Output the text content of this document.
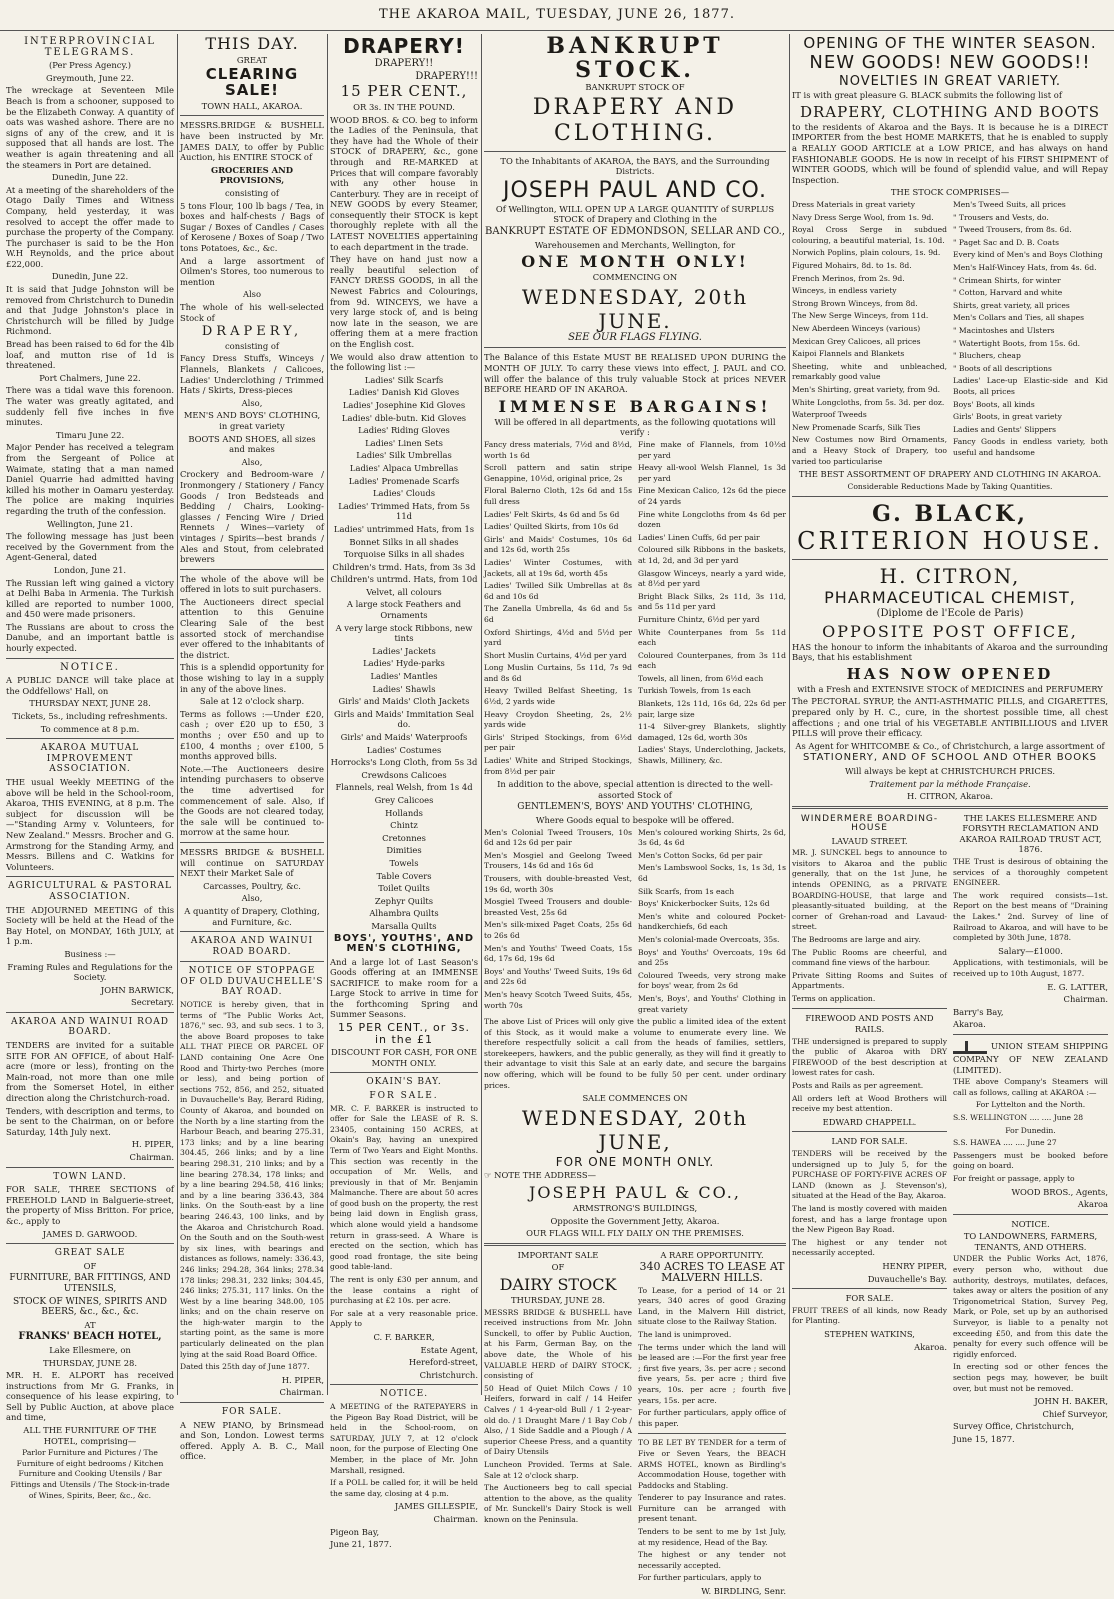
THE AKAROA MAIL, TUESDAY, JUNE 26, 1877.
INTERPROVINCIAL TELEGRAMS.

(Per Press Agency.)

Greymouth, June 22.

The wreckage at Seventeen Mile Beach is from a schooner, supposed to be the Elizabeth Conway. A quantity of oats was washed ashore. There are no signs of any of the crew, and it is supposed that all hands are lost. The weather is again threatening and all the steamers in Port are detained.

Dunedin, June 22.

At a meeting of the shareholders of the Otago Daily Times and Witness Company, held yesterday, it was resolved to accept the offer made to purchase the property of the Company. The purchaser is said to be the Hon W.H Reynolds, and the price about £22,000.

Dunedin, June 22.

It is said that Judge Johnston will be removed from Christchurch to Dunedin and that Judge Johnston's place in Christchurch will be filled by Judge Richmond.

Bread has been raised to 6d for the 4lb loaf, and mutton rise of 1d is threatened.

Port Chalmers, June 22.

There was a tidal wave this forenoon. The water was greatly agitated, and suddenly fell five inches in five minutes.

Timaru June 22.

Major Pender has received a telegram from the Sergeant of Police at Waimate, stating that a man named Daniel Quarrie had admitted having killed his mother in Oamaru yesterday. The police are making inquiries regarding the truth of the confession.

Wellington, June 21.

The following message has just been received by the Government from the Agent-General, dated

London, June 21.

The Russian left wing gained a victory at Delhi Baba in Armenia. The Turkish killed are reported to number 1000, and 450 were made prisoners.

The Russians are about to cross the Danube, and an important battle is hourly expected.

NOTICE.

A PUBLIC DANCE will take place at the Oddfellows' Hall, on

THURSDAY NEXT, JUNE 28.

Tickets, 5s., including refreshments.

To commence at 8 p.m.

AKAROA MUTUAL IMPROVEMENT ASSOCIATION.

THE usual Weekly MEETING of the above will be held in the School-room, Akaroa, THIS EVENING, at 8 p.m. The subject for discussion will be—"Standing Army v. Volunteers, for New Zealand." Messrs. Brocher and G. Armstrong for the Standing Army, and Messrs. Billens and C. Watkins for Volunteers.

AGRICULTURAL & PASTORAL ASSOCIATION.

THE ADJOURNED MEETING of this Society will be held at the Head of the Bay Hotel, on MONDAY, 16th JULY, at 1 p.m.

Business :—

Framing Rules and Regulations for the Society.

JOHN BARWICK,

Secretary.

AKAROA AND WAINUI ROAD BOARD.

TENDERS are invited for a suitable SITE FOR AN OFFICE, of about Half-acre (more or less), fronting on the Main-road, not more than one mile from the Somerset Hotel, in either direction along the Christchurch-road.

Tenders, with description and terms, to be sent to the Chairman, on or before Saturday, 14th July next.

H. PIPER,

Chairman.

TOWN LAND.

FOR SALE, THREE SECTIONS of FREEHOLD LAND in Balguerie-street, the property of Miss Britton. For price, &c., apply to

JAMES D. GARWOOD.

GREAT SALE

OF

FURNITURE, BAR FITTINGS, AND UTENSILS,

STOCK OF WINES, SPIRITS AND BEERS, &c., &c., &c.

AT

FRANKS' BEACH HOTEL,

Lake Ellesmere, on

THURSDAY, JUNE 28.

MR. H. E. ALPORT has received instructions from Mr G. Franks, in consequence of his lease expiring, to Sell by Public Auction, at above place and time,

ALL THE FURNITURE OF THE HOTEL, comprising—

Parlor Furniture and Pictures / The Furniture of eight bedrooms / Kitchen Furniture and Cooking Utensils / Bar Fittings and Utensils / The Stock-in-trade of Wines, Spirits, Beer, &c., &c.

THIS DAY.

GREAT

CLEARING SALE!

TOWN HALL, AKAROA.

MESSRS.BRIDGE & BUSHELL have been instructed by Mr. JAMES DALY, to offer by Public Auction, his ENTIRE STOCK of

GROCERIES AND PROVISIONS,

consisting of

5 tons Flour, 100 lb bags / Tea, in boxes and half-chests / Bags of Sugar / Boxes of Candles / Cases of Kerosene / Boxes of Soap / Two tons Potatoes, &c., &c.

And a large assortment of Oilmen's Stores, too numerous to mention

Also

The whole of his well-selected Stock of

DRAPERY,

consisting of

Fancy Dress Stuffs, Winceys / Flannels, Blankets / Calicoes, Ladies' Underclothing / Trimmed Hats / Skirts, Dress-pieces

Also,

MEN'S AND BOYS' CLOTHING, in great variety

BOOTS AND SHOES, all sizes and makes

Also,

Crockery and Bedroom-ware / Ironmongery / Stationery / Fancy Goods / Iron Bedsteads and Bedding / Chairs, Looking-glasses / Fencing Wire / Dried Rennets / Wines—variety of vintages / Spirits—best brands / Ales and Stout, from celebrated brewers

The whole of the above will be offered in lots to suit purchasers.

The Auctioneers direct special attention to this Genuine Clearing Sale of the best assorted stock of merchandise ever offered to the inhabitants of the district.

This is a splendid opportunity for those wishing to lay in a supply in any of the above lines.

Sale at 12 o'clock sharp.

Terms as follows :—Under £20, cash ; over £20 up to £50, 3 months ; over £50 and up to £100, 4 months ; over £100, 5 months approved bills.

Note.—The Auctioneers desire intending purchasers to observe the time advertised for commencement of sale. Also, if the Goods are not cleared today, the sale will be continued to-morrow at the same hour.

MESSRS BRIDGE & BUSHELL will continue on SATURDAY NEXT their Market Sale of

Carcasses, Poultry, &c.

Also,

A quantity of Drapery, Clothing, and Furniture, &c.

AKAROA AND WAINUI ROAD BOARD.
NOTICE OF STOPPAGE OF OLD DUVAUCHELLE'S BAY ROAD.

NOTICE is hereby given, that in terms of "The Public Works Act, 1876," sec. 93, and sub secs. 1 to 3, the above Board proposes to take ALL THAT PIECE OR PARCEL OF LAND containing One Acre One Rood and Thirty-two Perches (more or less), and being portion of sections 752, 856, and 252, situated in Duvauchelle's Bay, Berard Riding, County of Akaroa, and bounded on the North by a line starting from the Harbour Beach, and bearing 275.31, 173 links; and by a line bearing 304.45, 266 links; and by a line bearing 298.31, 210 links; and by a line bearing 278.34, 178 links; and by a line bearing 294.58, 416 links; and by a line bearing 336.43, 384 links. On the South-east by a line bearing 246.43, 100 links, and by the Akaroa and Christchurch Road. On the South and on the South-west by six lines, with bearings and distances as follows, namely: 336.43, 246 links; 294.28, 364 links; 278.34 178 links; 298.31, 232 links; 304.45, 246 links; 275.31, 117 links. On the West by a line bearing 348.00, 105 links; and on the chain reserve on the high-water margin to the starting point, as the same is more particularly delineated on the plan lying at the said Road Board Office.

Dated this 25th day of June 1877.

H. PIPER,

Chairman.

FOR SALE.

A NEW PIANO, by Brinsmead and Son, London. Lowest terms offered. Apply A. B. C., Mail office.

DRAPERY!

DRAPERY!!

DRAPERY!!!

15 PER CENT.,

OR 3s. IN THE POUND.

WOOD BROS. & CO. beg to inform the Ladies of the Peninsula, that they have had the Whole of their STOCK of DRAPERY, &c., gone through and RE-MARKED at Prices that will compare favorably with any other house in Canterbury. They are in receipt of NEW GOODS by every Steamer, consequently their STOCK is kept thoroughly replete with all the LATEST NOVELTIES appertaining to each department in the trade.

They have on hand just now a really beautiful selection of FANCY DRESS GOODS, in all the Newest Fabrics and Colourings, from 9d. WINCEYS, we have a very large stock of, and is being now late in the season, we are offering them at a mere fraction on the English cost.

We would also draw attention to the following list :—

Ladies' Silk Scarfs

Ladies' Danish Kid Gloves

Ladies' Josephine Kid Gloves

Ladies' dble-butn. Kid Gloves

Ladies' Riding Gloves

Ladies' Linen Sets

Ladies' Silk Umbrellas

Ladies' Alpaca Umbrellas

Ladies' Promenade Scarfs

Ladies' Clouds

Ladies' Trimmed Hats, from 5s 11d

Ladies' untrimmed Hats, from 1s

Bonnet Silks in all shades

Torquoise Silks in all shades

Children's trmd. Hats, from 3s 3d

Children's untrmd. Hats, from 10d

Velvet, all colours

A large stock Feathers and Ornaments

A very large stock Ribbons, new tints

Ladies' Jackets

Ladies' Hyde-parks

Ladies' Mantles

Ladies' Shawls

Girls' and Maids' Cloth Jackets

Girls and Maids' Immitation Seal do.

Girls' and Maids' Waterproofs

Ladies' Costumes

Horrocks's Long Cloth, from 5s 3d

Crewdsons Calicoes

Flannels, real Welsh, from 1s 4d

Grey Calicoes

Hollands

Chintz

Cretonnes

Dimities

Towels

Table Covers

Toilet Quilts

Zephyr Quilts

Alhambra Quilts

Marsalla Quilts

BOYS', YOUTHS', AND MEN'S CLOTHING,

And a large lot of Last Season's Goods offering at an IMMENSE SACRIFICE to make room for a Large Stock to arrive in time for the forthcoming Spring and Summer Seasons.

15 PER CENT., or 3s. in the £1

DISCOUNT FOR CASH, FOR ONE MONTH ONLY.

OKAIN'S BAY.
FOR SALE.

MR. C. F. BARKER is instructed to offer for Sale the LEASE of R. S. 23405, containing 150 ACRES, at Okain's Bay, having an unexpired Term of Two Years and Eight Months. This section was recently in the occupation of Mr. Wells, and previously in that of Mr. Benjamin Malmanche. There are about 50 acres of good bush on the property, the rest being laid down in English grass, which alone would yield a handsome return in grass-seed. A Whare is erected on the section, which has good road frontage, the site being good table-land.

The rent is only £30 per annum, and the lease contains a right of purchasing at £2 10s. per acre.

For sale at a very reasonable price. Apply to

C. F. BARKER,

Estate Agent,

Hereford-street,

Christchurch.

NOTICE.

A MEETING of the RATEPAYERS in the Pigeon Bay Road District, will be held in the School-room, on SATURDAY, JULY 7, at 12 o'clock noon, for the purpose of Electing One Member, in the place of Mr. John Marshall, resigned.

If a POLL be called for, it will be held the same day, closing at 4 p.m.

JAMES GILLESPIE,

Chairman.

Pigeon Bay,

June 21, 1877.

BANKRUPT STOCK.

BANKRUPT STOCK OF

DRAPERY AND CLOTHING.

TO the Inhabitants of AKAROA, the BAYS, and the Surrounding Districts.

JOSEPH PAUL AND CO.

Of Wellington, WILL OPEN UP A LARGE QUANTITY of SURPLUS STOCK of Drapery and Clothing in the

BANKRUPT ESTATE OF EDMONDSON, SELLAR AND CO.,

Warehousemen and Merchants, Wellington, for

ONE MONTH ONLY!

COMMENCING ON

WEDNESDAY, 20th JUNE.

SEE OUR FLAGS FLYING.

The Balance of this Estate MUST BE REALISED UPON DURING the MONTH OF JULY. To carry these views into effect, J. PAUL and CO. will offer the balance of this truly valuable Stock at prices NEVER BEFORE HEARD OF IN AKAROA.

IMMENSE BARGAINS!

Will be offered in all departments, as the following quotations will verify :

Fancy dress materials, 7½d and 8½d, worth 1s 6d

Scroll pattern and satin stripe Genappine, 10½d, original price, 2s

Floral Balerno Cloth, 12s 6d and 15s full dress

Ladies' Felt Skirts, 4s 6d and 5s 6d

Ladies' Quilted Skirts, from 10s 6d

Girls' and Maids' Costumes, 10s 6d and 12s 6d, worth 25s

Ladies' Winter Costumes, with Jackets, all at 19s 6d, worth 45s

Ladies' Twilled Silk Umbrellas at 8s 6d and 10s 6d

The Zanella Umbrella, 4s 6d and 5s 6d

Oxford Shirtings, 4½d and 5½d per yard

Short Muslin Curtains, 4½d per yard

Long Muslin Curtains, 5s 11d, 7s 9d and 8s 6d

Heavy Twilled Belfast Sheeting, 1s 6½d, 2 yards wide

Heavy Croydon Sheeting, 2s, 2½ yards wide

Girls' Striped Stockings, from 6½d per pair

Ladies' White and Striped Stockings, from 8½d per pair

Fine make of Flannels, from 10½d per yard

Heavy all-wool Welsh Flannel, 1s 3d per yard

Fine Mexican Calico, 12s 6d the piece of 24 yards

Fine white Longcloths from 4s 6d per dozen

Ladies' Linen Cuffs, 6d per pair

Coloured silk Ribbons in the baskets, at 1d, 2d, and 3d per yard

Glasgow Winceys, nearly a yard wide, at 8½d per yard

Bright Black Silks, 2s 11d, 3s 11d, and 5s 11d per yard

Furniture Chintz, 6½d per yard

White Counterpanes from 5s 11d each

Coloured Counterpanes, from 3s 11d each

Towels, all linen, from 6½d each

Turkish Towels, from 1s each

Blankets, 12s 11d, 16s 6d, 22s 6d per pair, large size

11-4 Silver-grey Blankets, slightly damaged, 12s 6d, worth 30s

Ladies' Stays, Underclothing, Jackets, Shawls, Millinery, &c.

In addition to the above, special attention is directed to the well-assorted Stock of

GENTLEMEN'S, BOYS' AND YOUTHS' CLOTHING,

Where Goods equal to bespoke will be offered.

Men's Colonial Tweed Trousers, 10s 6d and 12s 6d per pair

Men's Mosgiel and Geelong Tweed Trousers, 14s 6d and 16s 6d

Trousers, with double-breasted Vest, 19s 6d, worth 30s

Mosgiel Tweed Trousers and double-breasted Vest, 25s 6d

Men's silk-mixed Paget Coats, 25s 6d to 26s 6d

Men's and Youths' Tweed Coats, 15s 6d, 17s 6d, 19s 6d

Boys' and Youths' Tweed Suits, 19s 6d and 22s 6d

Men's heavy Scotch Tweed Suits, 45s, worth 70s

Men's coloured working Shirts, 2s 6d, 3s 6d, 4s 6d

Men's Cotton Socks, 6d per pair

Men's Lambswool Socks, 1s, 1s 3d, 1s 6d

Silk Scarfs, from 1s each

Boys' Knickerbocker Suits, 12s 6d

Men's white and coloured Pocket-handkerchiefs, 6d each

Men's colonial-made Overcoats, 35s.

Boys' and Youths' Overcoats, 19s 6d and 25s

Coloured Tweeds, very strong make for boys' wear, from 2s 6d

Men's, Boys', and Youths' Clothing in great variety

The above List of Prices will only give the public a limited idea of the extent of this Stock, as it would make a volume to enumerate every line. We therefore respectfully solicit a call from the heads of families, settlers, storekeepers, hawkers, and the public generally, as they will find it greatly to their advantage to visit this Sale at an early date, and secure the bargains now offering, which will be found to be fully 50 per cent. under ordinary prices.

SALE COMMENCES ON

WEDNESDAY, 20th JUNE,
FOR ONE MONTH ONLY.

☞ NOTE THE ADDRESS—

JOSEPH PAUL & CO.,

ARMSTRONG'S BUILDINGS,

Opposite the Government Jetty, Akaroa.

OUR FLAGS WILL FLY DAILY ON THE PREMISES.

IMPORTANT SALE

OF

DAIRY STOCK

THURSDAY, JUNE 28.

MESSRS BRIDGE & BUSHELL have received instructions from Mr. John Sunckell, to offer by Public Auction, at his Farm, German Bay, on the above date, the Whole of his VALUABLE HERD of DAIRY STOCK, consisting of

50 Head of Quiet Milch Cows / 10 Heifers, forward in calf / 14 Heifer Calves / 1 4-year-old Bull / 1 2-year-old do. / 1 Draught Mare / 1 Bay Cob / Also, / 1 Side Saddle and a Plough / A superior Cheese Press, and a quantity of Dairy Utensils

Luncheon Provided. Terms at Sale. Sale at 12 o'clock sharp.

The Auctioneers beg to call special attention to the above, as the quality of Mr. Sunckell's Dairy Stock is well known on the Peninsula.

A RARE OPPORTUNITY.

340 ACRES TO LEASE AT MALVERN HILLS.

To Lease, for a period of 14 or 21 years, 340 acres of good Grazing Land, in the Malvern Hill district, situate close to the Railway Station.

The land is unimproved.

The terms under which the land will be leased are :—For the first year free ; first five years, 3s. per acre ; second five years, 5s. per acre ; third five years, 10s. per acre ; fourth five years, 15s. per acre.

For further particulars, apply office of this paper.

TO BE LET BY TENDER for a term of Five or Seven Years, the BEACH ARMS HOTEL, known as Birdling's Accommodation House, together with Paddocks and Stabling.

Tenderer to pay Insurance and rates. Furniture can be arranged with present tenant.

Tenders to be sent to me by 1st July, at my residence, Head of the Bay.

The highest or any tender not necessarily accepted.

For further particulars, apply to

W. BIRDLING, Senr.

OPENING OF THE WINTER SEASON.
NEW GOODS! NEW GOODS!!
NOVELTIES IN GREAT VARIETY.

IT is with great pleasure G. BLACK submits the following list of

DRAPERY, CLOTHING AND BOOTS

to the residents of Akaroa and the Bays. It is because he is a DIRECT IMPORTER from the best HOME MARKETS, that he is enabled to supply a REALLY GOOD ARTICLE at a LOW PRICE, and has always on hand FASHIONABLE GOODS. He is now in receipt of his FIRST SHIPMENT of WINTER GOODS, which will be found of splendid value, and will Repay Inspection.

THE STOCK COMPRISES—

Dress Materials in great variety

Navy Dress Serge Wool, from 1s. 9d.

Royal Cross Serge in subdued colouring, a beautiful material, 1s. 10d.

Norwich Poplins, plain colours, 1s. 9d.

Figured Mohairs, 8d. to 1s. 8d.

French Merinos, from 2s. 9d.

Winceys, in endless variety

Strong Brown Winceys, from 8d.

The New Serge Winceys, from 11d.

New Aberdeen Winceys (various)

Mexican Grey Calicoes, all prices

Kaipoi Flannels and Blankets

Sheeting, white and unbleached, remarkably good value

Men's Shirting, great variety, from 9d.

White Longcloths, from 5s. 3d. per doz.

Waterproof Tweeds

New Promenade Scarfs, Silk Ties

New Costumes now Bird Ornaments, and a Heavy Stock of Drapery, too varied too particularise

Men's Tweed Suits, all prices

" Trousers and Vests, do.

" Tweed Trousers, from 8s. 6d.

" Paget Sac and D. B. Coats

Every kind of Men's and Boys Clothing

Men's Half-Wincey Hats, from 4s. 6d.

" Crimean Shirts, for winter

" Cotton, Harvard and white

Shirts, great variety, all prices

Men's Collars and Ties, all shapes

" Macintoshes and Ulsters

" Watertight Boots, from 15s. 6d.

" Bluchers, cheap

" Boots of all descriptions

Ladies' Lace-up Elastic-side and Kid Boots, all prices

Boys' Boots, all kinds

Girls' Boots, in great variety

Ladies and Gents' Slippers

Fancy Goods in endless variety, both useful and handsome

THE BEST ASSORTMENT OF DRAPERY AND CLOTHING IN AKAROA.

Considerable Reductions Made by Taking Quantities.

G. BLACK,
CRITERION HOUSE.
H. CITRON,
PHARMACEUTICAL CHEMIST,

(Diplome de l'Ecole de Paris)

OPPOSITE POST OFFICE,

HAS the honour to inform the inhabitants of Akaroa and the surrounding Bays, that his establishment

HAS NOW OPENED

with a Fresh and EXTENSIVE STOCK of MEDICINES and PERFUMERY

The PECTORAL SYRUP, the ANTI-ASTHMATIC PILLS, and CIGARETTES, prepared only by H. C., cure, in the shortest possible time, all chest affections ; and one trial of his VEGETABLE ANTIBILLIOUS and LIVER PILLS will prove their efficacy.

As Agent for WHITCOMBE & Co., of Christchurch, a large assortment of

STATIONERY, AND OF SCHOOL AND OTHER BOOKS

Will always be kept at CHRISTCHURCH PRICES.

Traitement par la méthode Française.

H. CITRON, Akaroa.

WINDERMERE BOARDING-HOUSE

LAVAUD STREET.

MR. J. SUNCKEL begs to announce to visitors to Akaroa and the public generally, that on the 1st June, he intends OPENING, as a PRIVATE BOARDING-HOUSE, that large and pleasantly-situated building, at the corner of Grehan-road and Lavaud-street.

The Bedrooms are large and airy.

The Public Rooms are cheerful, and command fine views of the harbour.

Private Sitting Rooms and Suites of Appartments.

Terms on application.

FIREWOOD AND POSTS AND RAILS.

THE undersigned is prepared to supply the public of Akaroa with DRY FIREWOOD of the best description at lowest rates for cash.

Posts and Rails as per agreement.

All orders left at Wood Brothers will receive my best attention.

EDWARD CHAPPELL.

LAND FOR SALE.

TENDERS will be received by the undersigned up to July 5, for the PURCHASE OF FORTY-FIVE ACRES OF LAND (known as J. Stevenson's), situated at the Head of the Bay, Akaroa.

The land is mostly covered with maiden forest, and has a large frontage upon the New Pigeon Bay Road.

The highest or any tender not necessarily accepted.

HENRY PIPER,

Duvauchelle's Bay.

FOR SALE.

FRUIT TREES of all kinds, now Ready for Planting.

STEPHEN WATKINS,

Akaroa.

THE LAKES ELLESMERE AND FORSYTH RECLAMATION AND AKAROA RAILROAD TRUST ACT, 1876.

THE Trust is desirous of obtaining the services of a thoroughly competent ENGINEER.

The work required consists—1st. Report on the best means of "Draining the Lakes." 2nd. Survey of line of Railroad to Akaroa, and will have to be completed by 30th June, 1878.

Salary—£1000.

Applications, with testimonials, will be received up to 10th August, 1877.

E. G. LATTER,

Chairman.

Barry's Bay,

Akaroa.

UNION STEAM SHIPPING COMPANY OF NEW ZEALAND (LIMITED).

THE above Company's Steamers will call as follows, calling at AKAROA :—

For Lyttelton and the North.

S.S. WELLINGTON .... .... June 28

For Dunedin.

S.S. HAWEA .... .... June 27

Passengers must be booked before going on board.

For freight or passage, apply to

WOOD BROS., Agents,

Akaroa

NOTICE.

TO LANDOWNERS, FARMERS, TENANTS, AND OTHERS.

UNDER the Public Works Act, 1876, every person who, without due authority, destroys, mutilates, defaces, takes away or alters the position of any Trigonometrical Station, Survey Peg, Mark, or Pole, set up by an authorised Surveyor, is liable to a penalty not exceeding £50, and from this date the penalty for every such offence will be rigidly enforced.

In erecting sod or other fences the section pegs may, however, be built over, but must not be removed.

JOHN H. BAKER,

Chief Surveyor,

Survey Office, Christchurch,

June 15, 1877.
